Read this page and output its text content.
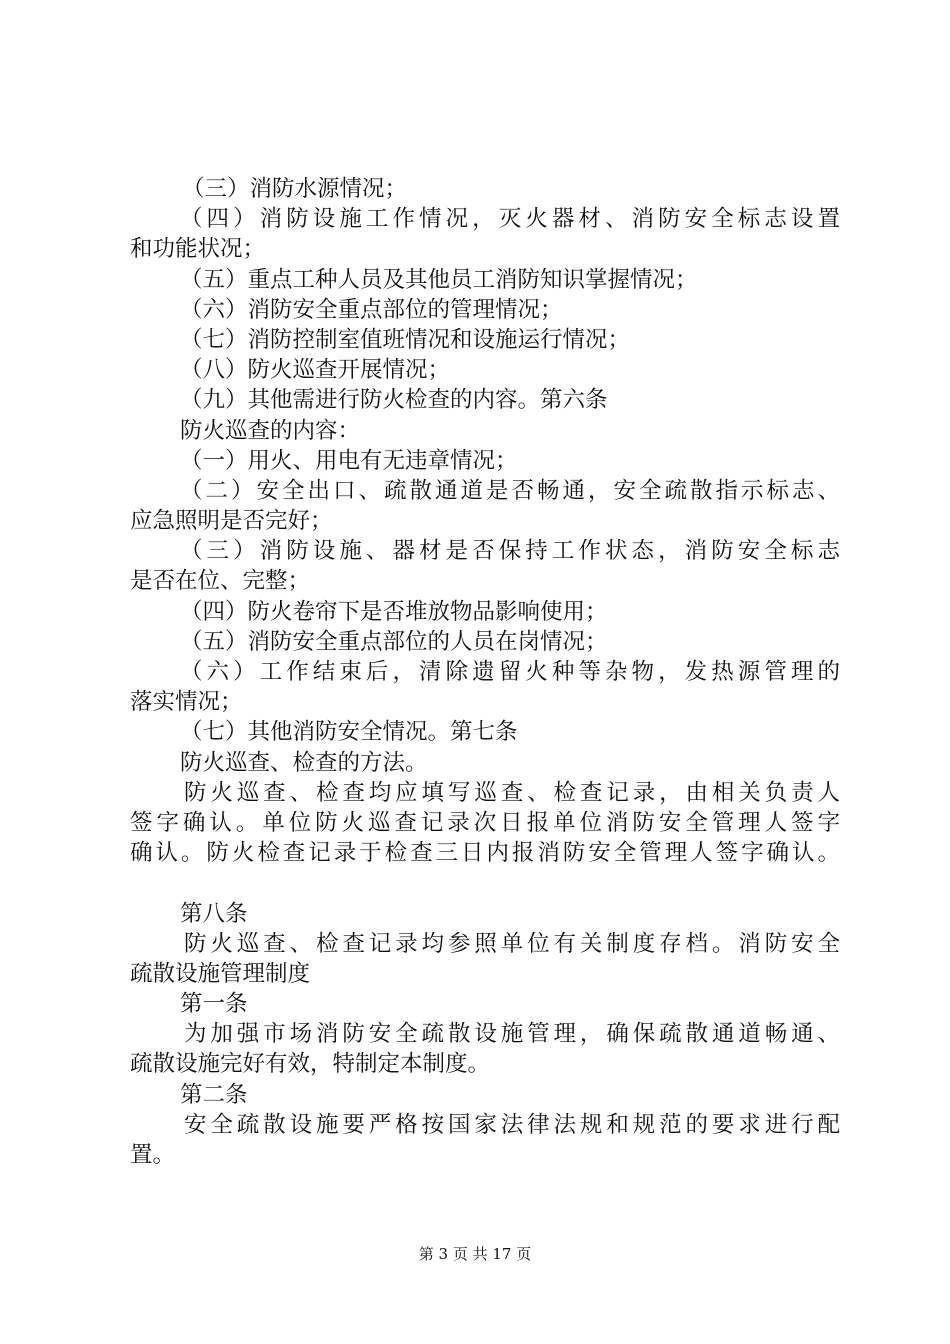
（三）消防水源情况；
（四）消防设施工作情况，灭火器材、消防安全标志设置
和功能状况；
（五）重点工种人员及其他员工消防知识掌握情况；
（六）消防安全重点部位的管理情况；
（七）消防控制室值班情况和设施运行情况；
（八）防火巡查开展情况；
（九）其他需进行防火检查的内容。第六条
防火巡查的内容：
（一）用火、用电有无违章情况；
（二）安全出口、疏散通道是否畅通，安全疏散指示标志、
应急照明是否完好；
（三）消防设施、器材是否保持工作状态，消防安全标志
是否在位、完整；
（四）防火卷帘下是否堆放物品影响使用；
（五）消防安全重点部位的人员在岗情况；
（六）工作结束后，清除遗留火种等杂物，发热源管理的
落实情况；
（七）其他消防安全情况。第七条
防火巡查、检查的方法。
防火巡查、检查均应填写巡查、检查记录，由相关负责人
签字确认。单位防火巡查记录次日报单位消防安全管理人签字
确认。防火检查记录于检查三日内报消防安全管理人签字确认。
第八条
防火巡查、检查记录均参照单位有关制度存档。消防安全
疏散设施管理制度
第一条
为加强市场消防安全疏散设施管理，确保疏散通道畅通、
疏散设施完好有效，特制定本制度。
第二条
安全疏散设施要严格按国家法律法规和规范的要求进行配
置。
第 3 页 共 17 页
